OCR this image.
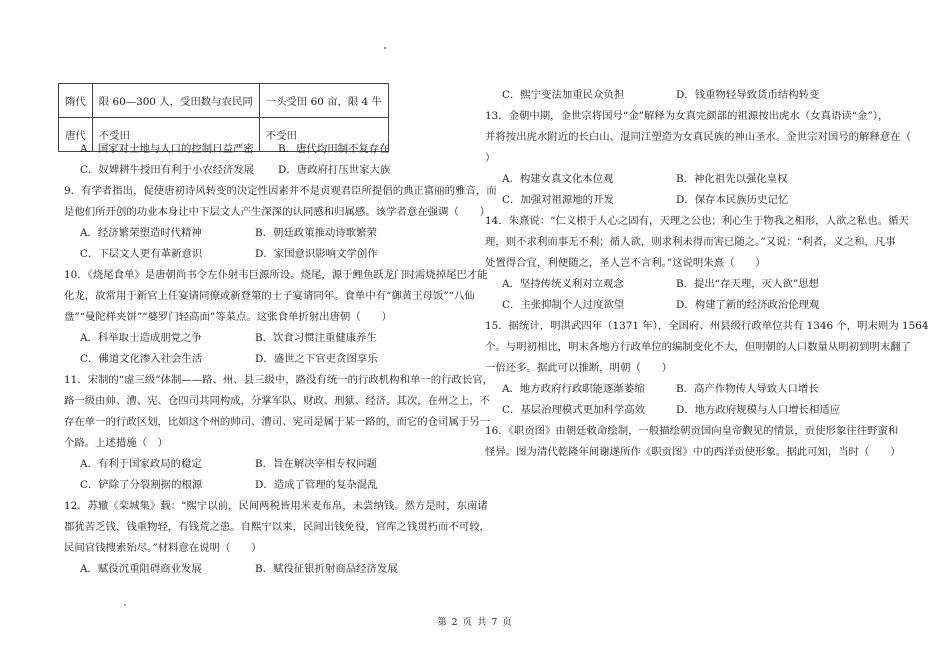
隋代	限 60—300 人，受田数与农民同	一头受田 60 亩，限 4 牛
唐代	不受田	不受田
A．国家对土地与人口的控制日益严密 B．唐代均田制不复存在
C．奴婢耕牛授田有利于小农经济发展 D．唐政府打压世家大族
9．有学者指出，促使唐初诗风转变的决定性因素并不是贞观君臣所提倡的典正富丽的雅音，而
是他们所开创的功业本身让中下层文人产生深深的认同感和归属感。该学者意在强调（　　）
A．经济繁荣塑造时代精神	B．朝廷政策推动诗歌繁荣
C．下层文人更有革新意识	D．家国意识影响文学创作
10．《烧尾食单》是唐朝尚书令左仆射韦巨源所设。烧尾，源于鲤鱼跃龙门时需烧掉尾巴才能
化龙，故常用于新官上任宴请同僚或新登第的士子宴请同年。食单中有“御黄王母饭”“八仙
盘”“曼陀样夹饼”“婆罗门轻高面”等菜点。这张食单折射出唐朝（　　）
A．科举取士造成朋党之争	B．饮食习惯注重健康养生
C．佛道文化渗入社会生活	D．盛世之下官吏贪图享乐
11．宋制的“虚三级”体制——路、州、县三级中，路没有统一的行政机构和单一的行政长官，
路一级由帅、漕、宪、仓四司共同构成，分掌军队、财政、刑狱、经济。其次，在州之上，不
存在单一的行政区划，比如这个州的帅司、漕司、宪司是属于某一路的，而它的仓司属于另一
个路。上述措施（　）
A．有利于国家政局的稳定	B．旨在解决宰相专权问题
C．铲除了分裂割据的根源	D．造成了管理的复杂混乱
12．苏辙《栾城集》载：“熙宁以前，民间两税皆用米麦布帛，未尝纳钱。然方是时，东南诸
郡犹苦乏钱，钱重物轻，有钱荒之患。自熙宁以来，民间出钱免役，官库之钱贯朽而不可较，
民间官钱搜索殆尽。”材料意在说明（　　）
A．赋役沉重阻碍商业发展	B．赋役征银折射商品经济发展
C．熙宁变法加重民众负担	D．钱重物轻导致货币结构转变
13．金朝中期，金世宗将国号“金”解释为女真完颜部的祖源按出虎水（女真语读“金”），
并将按出虎水附近的长白山、混同江塑造为女真民族的神山圣水。金世宗对国号的解释意在（
）
A．构建女真文化本位观	B．神化祖先以强化皇权
C．加强对祖源地的开发	D．保存本民族历史记忆
14．朱熹说：“仁义根于人心之固有，天理之公也；利心生于物我之相形，人欲之私也。循天
理，则不求利而事无不利；循人欲，则求利未得而害已随之。”又说：“利者，义之和，凡事
处置得合宜，利便随之，圣人岂不言利。”这说明朱熹（　　）
A．坚持传统义利对立观念	B．提出“存天理，灭人欲”思想
C．主张抑制个人过度欲望	D．构建了新的经济政治伦理观
15．据统计，明洪武四年（1371 年），全国府、州县级行政单位共有 1346 个，明末则为 1564
个。与明初相比，明末各地方行政单位的编制变化不大，但明朝的人口数量从明初到明末翻了
一倍还多。据此可以推断，明朝（　　）
A．地方政府行政职能逐渐萎缩	B．高产作物传人导致人口增长
C．基层治理模式更加科学高效	D．地方政府规模与人口增长相适应
16．《职贡图》由朝廷敕命绘制，一般描绘朝贡国向皇帝觐见的情景，贡使形象往往野蛮和
怪异。图为清代乾隆年间谢遂所作《职贡图》中的西洋贡使形象。据此可知，当时（　　）
第 2 页 共 7 页
